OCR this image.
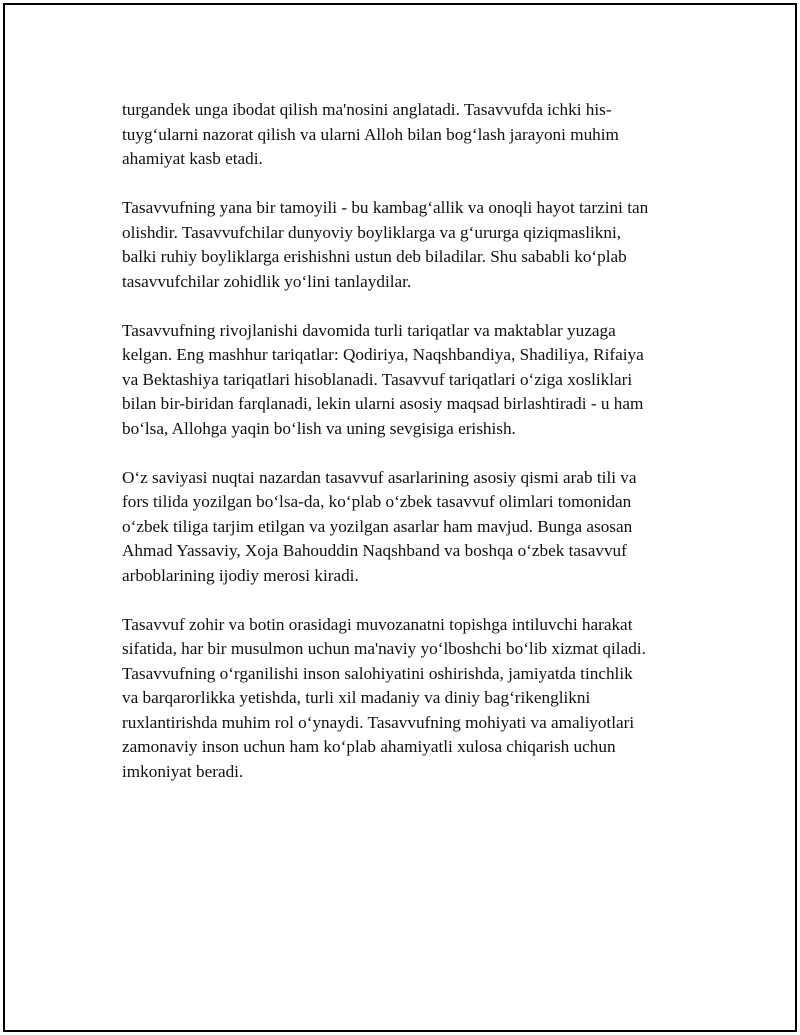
turgandek unga ibodat qilish ma'nosini anglatadi. Tasavvufda ichki his-
tuyg‘ularni nazorat qilish va ularni Alloh bilan bog‘lash jarayoni muhim
ahamiyat kasb etadi.

Tasavvufning yana bir tamoyili - bu kambag‘allik va onoqli hayot tarzini tan
olishdir. Tasavvufchilar dunyoviy boyliklarga va g‘ururga qiziqmaslikni,
balki ruhiy boyliklarga erishishni ustun deb biladilar. Shu sababli ko‘plab
tasavvufchilar zohidlik yo‘lini tanlaydilar.

Tasavvufning rivojlanishi davomida turli tariqatlar va maktablar yuzaga
kelgan. Eng mashhur tariqatlar: Qodiriya, Naqshbandiya, Shadiliya, Rifaiya
va Bektashiya tariqatlari hisoblanadi. Tasavvuf tariqatlari o‘ziga xosliklari
bilan bir-biridan farqlanadi, lekin ularni asosiy maqsad birlashtiradi - u ham
bo‘lsa, Allohga yaqin bo‘lish va uning sevgisiga erishish.

O‘z saviyasi nuqtai nazardan tasavvuf asarlarining asosiy qismi arab tili va
fors tilida yozilgan bo‘lsa-da, ko‘plab o‘zbek tasavvuf olimlari tomonidan
o‘zbek tiliga tarjim etilgan va yozilgan asarlar ham mavjud. Bunga asosan
Ahmad Yassaviy, Xoja Bahouddin Naqshband va boshqa o‘zbek tasavvuf
arboblarining ijodiy merosi kiradi.

Tasavvuf zohir va botin orasidagi muvozanatni topishga intiluvchi harakat
sifatida, har bir musulmon uchun ma'naviy yo‘lboshchi bo‘lib xizmat qiladi.
Tasavvufning o‘rganilishi inson salohiyatini oshirishda, jamiyatda tinchlik
va barqarorlikka yetishda, turli xil madaniy va diniy bag‘rikenglikni
ruxlantirishda muhim rol o‘ynaydi. Tasavvufning mohiyati va amaliyotlari
zamonaviy inson uchun ham ko‘plab ahamiyatli xulosa chiqarish uchun
imkoniyat beradi.
